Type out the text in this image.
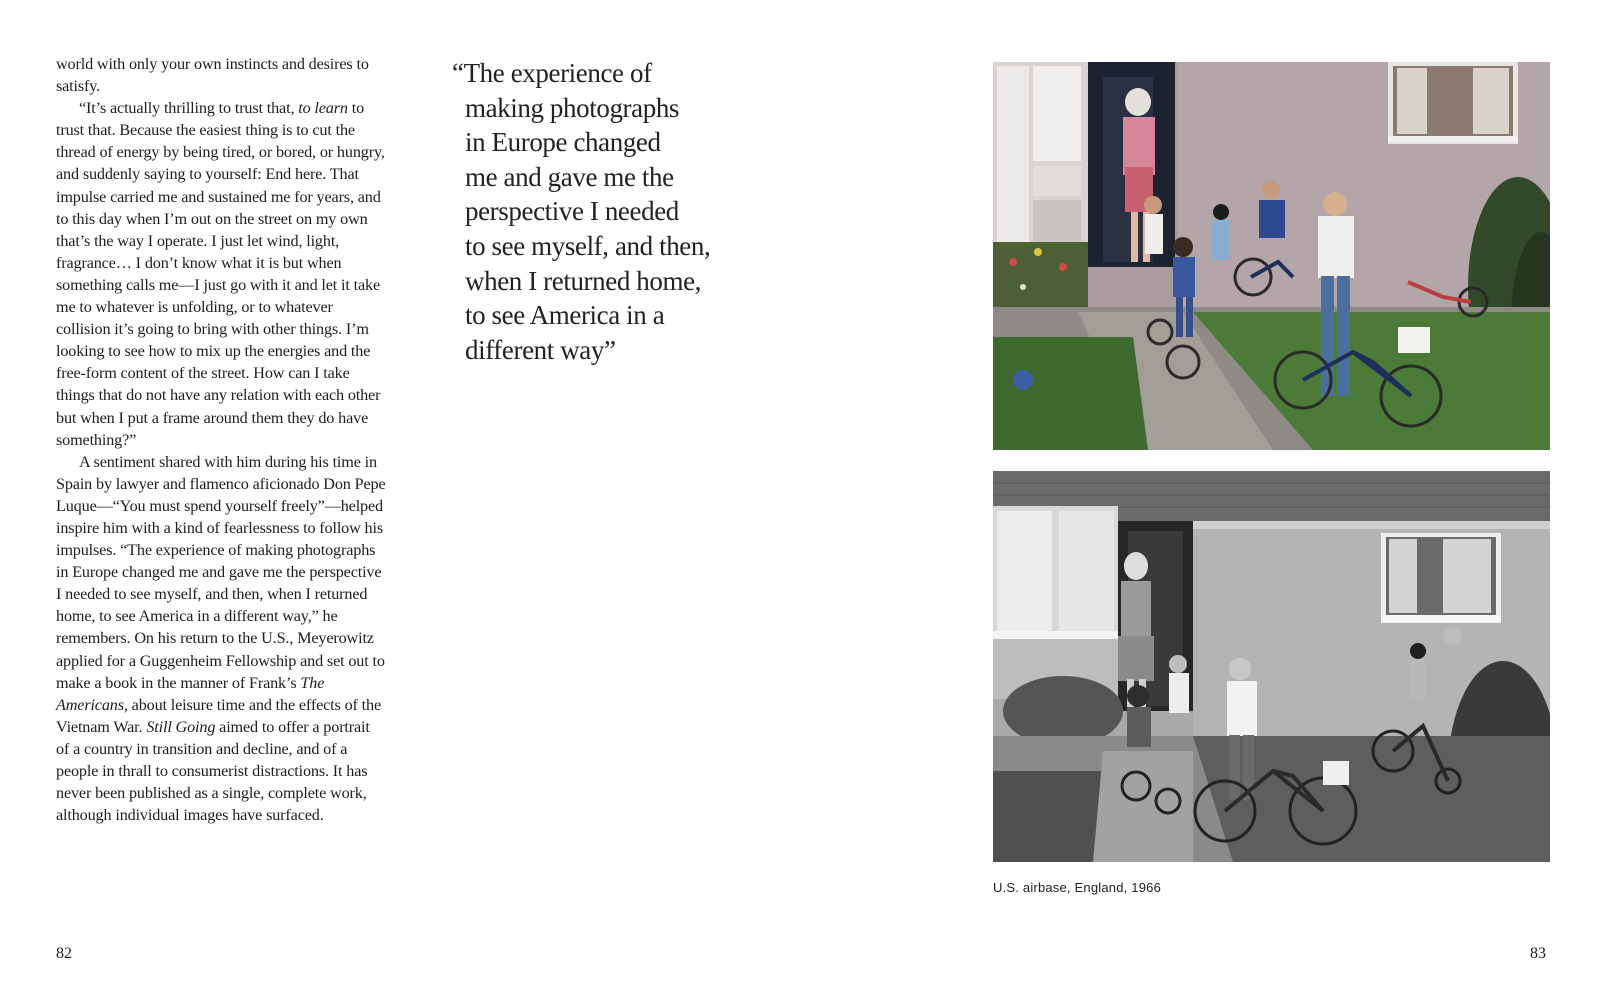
world with only your own instincts and desires to satisfy.

“It’s actually thrilling to trust that, to learn to trust that. Because the easiest thing is to cut the thread of energy by being tired, or bored, or hungry, and suddenly saying to yourself: End here. That impulse carried me and sustained me for years, and to this day when I’m out on the street on my own that’s the way I operate. I just let wind, light, fragrance… I don’t know what it is but when something calls me—I just go with it and let it take me to whatever is unfolding, or to whatever collision it’s going to bring with other things. I’m looking to see how to mix up the energies and the free-form content of the street. How can I take things that do not have any relation with each other but when I put a frame around them they do have something?”

A sentiment shared with him during his time in Spain by lawyer and flamenco aficionado Don Pepe Luque—“You must spend yourself freely”—helped inspire him with a kind of fearlessness to follow his impulses. “The experience of making photographs in Europe changed me and gave me the perspective I needed to see myself, and then, when I returned home, to see America in a different way,” he remembers. On his return to the U.S., Meyerowitz applied for a Guggenheim Fellowship and set out to make a book in the manner of Frank’s The Americans, about leisure time and the effects of the Vietnam War. Still Going aimed to offer a portrait of a country in transition and decline, and of a people in thrall to consumerist distractions. It has never been published as a single, complete work, although individual images have surfaced.

“The experience of
making photographs
in Europe changed
me and gave me the
perspective I needed
to see myself, and then,
when I returned home,
to see America in a
different way”
82	83
U.S. airbase, England, 1966
